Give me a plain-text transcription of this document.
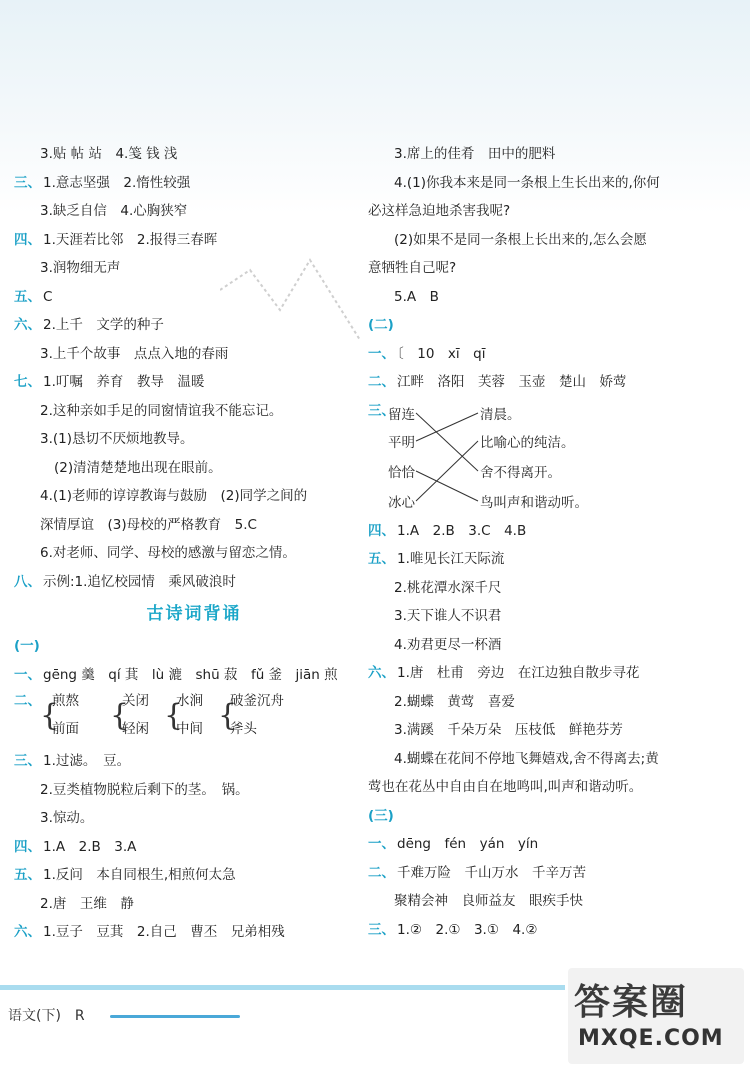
3.贴 帖 站　4.笺 钱 浅
三、 1.意志坚强　2.惰性较强
3.缺乏自信　4.心胸狭窄
四、 1.天涯若比邻　2.报得三春晖
3.润物细无声
五、 C
六、 2.上千　文学的种子
3.上千个故事　点点入地的春雨
七、 1.叮嘱　养育　教导　温暖
2.这种亲如手足的同窗情谊我不能忘记。
3.(1)恳切不厌烦地教导。
(2)清清楚楚地出现在眼前。
4.(1)老师的谆谆教诲与鼓励　(2)同学之间的
深情厚谊　(3)母校的严格教育　5.C
6.对老师、同学、母校的感激与留恋之情。
八、 示例:1.追忆校园情　乘风破浪时
古诗词背诵
(一)
一、 gēng 羹　qí 萁　lù 漉　shū 菽　fǔ 釜　jiān 煎
二、 {
煎熬
前面 {
关闭
轻闲 {
水涧
中间 {
破釜沉舟
斧头
三、 1.过滤。　豆。
2.豆类植物脱粒后剩下的茎。　锅。
3.惊动。
四、 1.A　2.B　3.A
五、 1.反问　本自同根生,相煎何太急
2.唐　王维　静
六、 1.豆子　豆萁　2.自己　曹丕　兄弟相残
3.席上的佳肴　田中的肥料
4.(1)你我本来是同一条根上生长出来的,你何
必这样急迫地杀害我呢?
(2)如果不是同一条根上长出来的,怎么会愿
意牺牲自己呢?
5.A　B
(二)
一、 〔　10　xī　qī
二、 江畔　洛阳　芙蓉　玉壶　楚山　娇莺
三、
留连
平明
恰恰
冰心
清晨。
比喻心的纯洁。
舍不得离开。
鸟叫声和谐动听。
四、 1.A　2.B　3.C　4.B
五、 1.唯见长江天际流
2.桃花潭水深千尺
3.天下谁人不识君
4.劝君更尽一杯酒
六、 1.唐　杜甫　旁边　在江边独自散步寻花
2.蝴蝶　黄莺　喜爱
3.满蹊　千朵万朵　压枝低　鲜艳芬芳
4.蝴蝶在花间不停地飞舞嬉戏,舍不得离去;黄
莺也在花丛中自由自在地鸣叫,叫声和谐动听。
(三)
一、 dēng　fén　yán　yín
二、 千难万险　千山万水　千辛万苦
聚精会神　良师益友　眼疾手快
三、 1.②　2.①　3.①　4.②
语文(下)　R	答案圈
MXQE.COM
